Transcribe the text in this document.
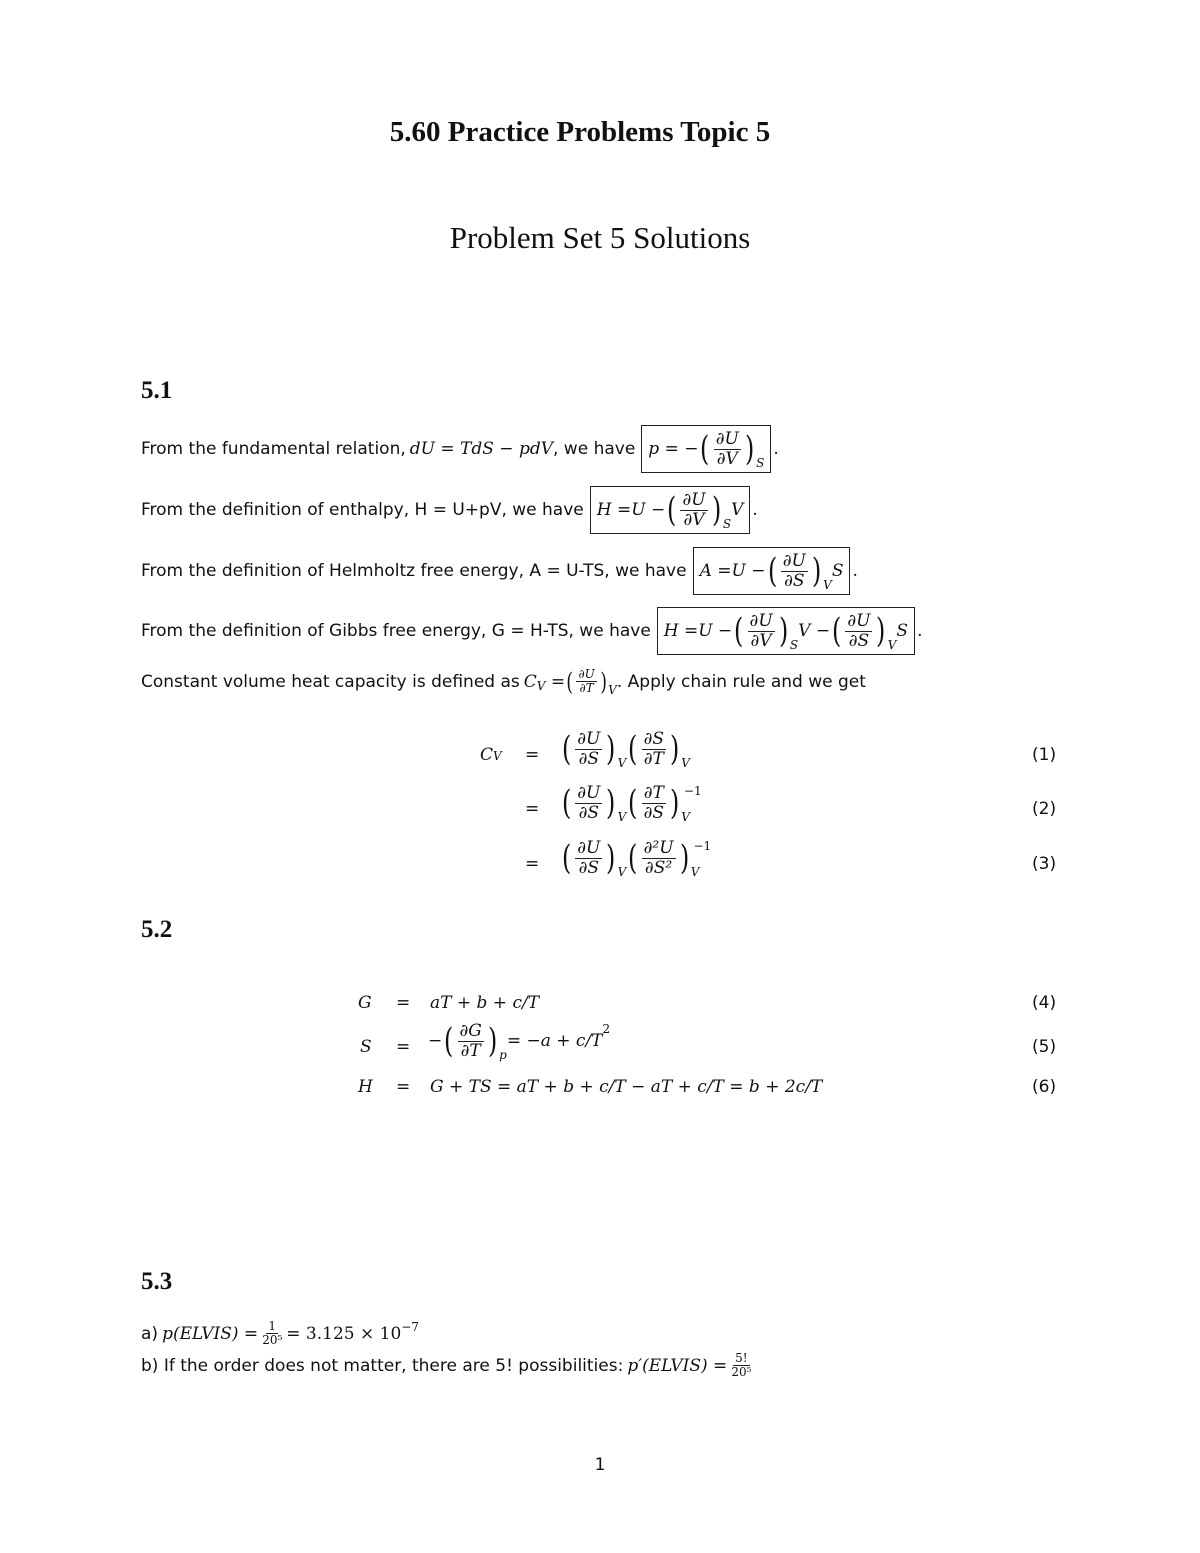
5.60 Practice Problems Topic 5
Problem Set 5 Solutions
5.1
From the fundamental relation, dU = TdS − pdV , we have p = − ( $\frac{\partial U}{\partial V}$ ) S
.
From the definition of enthalpy, H = U+pV, we have H = U − ( $\frac{\partial U}{\partial V}$ ) S
V .
From the definition of Helmholtz free energy, A = U-TS, we have A = U − ( $\frac{\partial U}{\partial S}$ ) V
S .
From the definition of Gibbs free energy, G = H-TS, we have H = U − ( $\frac{\partial U}{\partial V}$ ) S
V − ( $\frac{\partial U}{\partial S}$ ) V
S .
Constant volume heat capacity is defined as C V = ( $\frac{\partial U}{\partial T}$ ) V . Apply chain rule and we get
CV = ( $\frac{\partial U}{\partial S}$ ) V ( $\frac{\partial S}{\partial T}$ ) V	(1)
= ( $\frac{\partial U}{\partial S}$ ) V ( $\frac{\partial T}{\partial S}$ ) V
−1
(2)
= ( $\frac{\partial U}{\partial S}$ ) V ( $\frac{\text{∂²U}}{\text{∂S²}}$ ) V
−1
(3)
5.2
G = aT + b + c/T	(4)
S = − ( $\frac{\partial G}{\partial T}$ ) p
= −a + c/T
2
(5)
H = G + TS = aT + b + c/T − aT + c/T = b + 2c/T	(6)
5.3
a) p(ELVIS) = $\frac{1}{\text{20⁵}} = 3.125 \times 10 -7$
b) If the order does not matter, there are 5! possibilities: p′(ELVIS) = $\frac{5!}{\text{20⁵}}$
1
